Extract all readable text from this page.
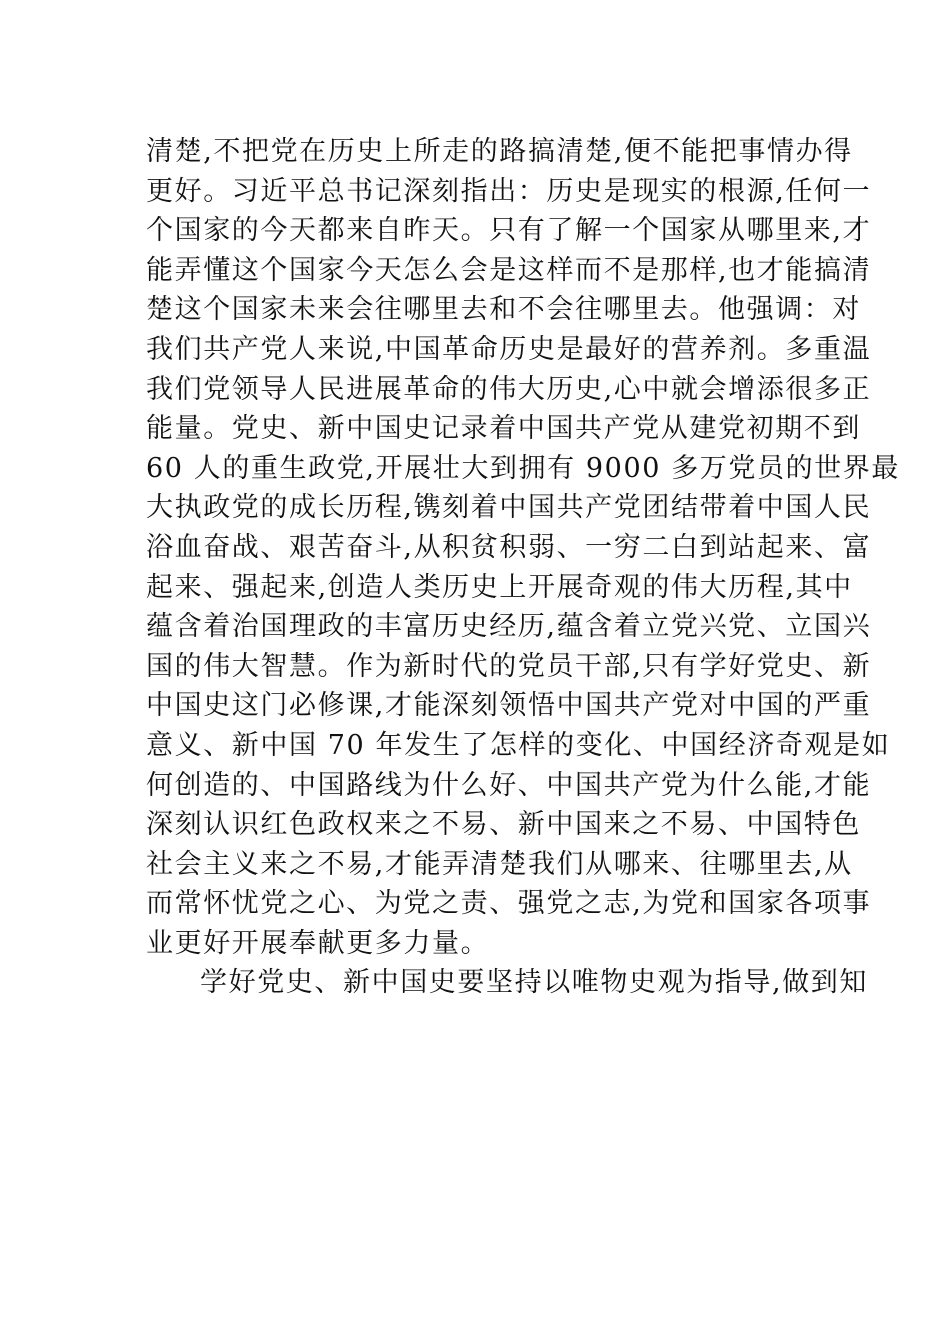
清楚,不把党在历史上所走的路搞清楚,便不能把事情办得
更好。习近平总书记深刻指出：历史是现实的根源,任何一
个国家的今天都来自昨天。只有了解一个国家从哪里来,才
能弄懂这个国家今天怎么会是这样而不是那样,也才能搞清
楚这个国家未来会往哪里去和不会往哪里去。他强调：对
我们共产党人来说,中国革命历史是最好的营养剂。多重温
我们党领导人民进展革命的伟大历史,心中就会增添很多正
能量。党史、新中国史记录着中国共产党从建党初期不到
60 人的重生政党,开展壮大到拥有 9000 多万党员的世界最
大执政党的成长历程,镌刻着中国共产党团结带着中国人民
浴血奋战、艰苦奋斗,从积贫积弱、一穷二白到站起来、富
起来、强起来,创造人类历史上开展奇观的伟大历程,其中
蕴含着治国理政的丰富历史经历,蕴含着立党兴党、立国兴
国的伟大智慧。作为新时代的党员干部,只有学好党史、新
中国史这门必修课,才能深刻领悟中国共产党对中国的严重
意义、新中国 70 年发生了怎样的变化、中国经济奇观是如
何创造的、中国路线为什么好、中国共产党为什么能,才能
深刻认识红色政权来之不易、新中国来之不易、中国特色
社会主义来之不易,才能弄清楚我们从哪来、往哪里去,从
而常怀忧党之心、为党之责、强党之志,为党和国家各项事
业更好开展奉献更多力量。
学好党史、新中国史要坚持以唯物史观为指导,做到知
